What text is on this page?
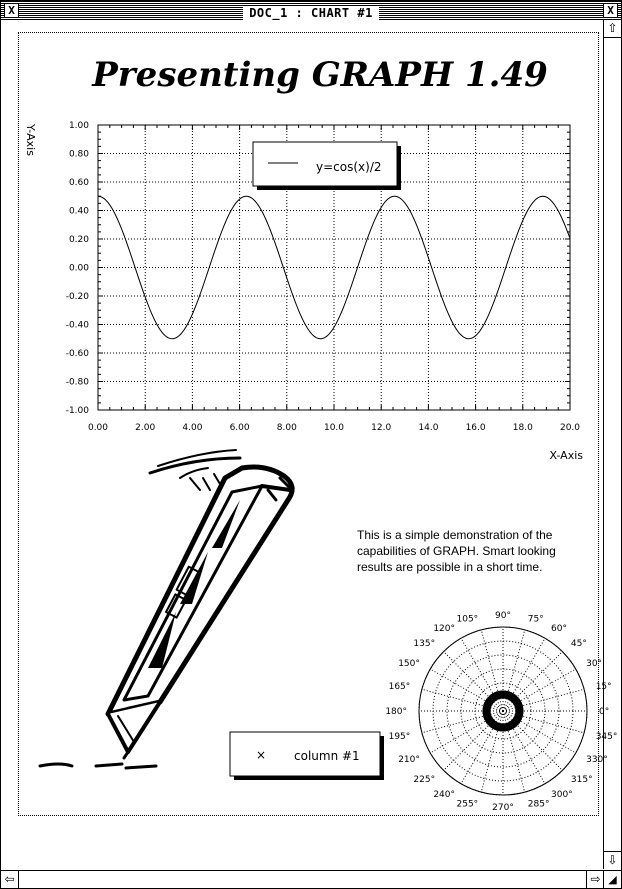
X	DOC_1 : CHART #1	X
⇧
⇩
⇦	⇨ ◢
Presenting GRAPH 1.49
0.00	2.00	4.00	6.00	8.00	10.0	12.0	14.0	16.0	18.0	20.0
1.00
0.80
0.60
0.40
0.20
0.00
-0.20
-0.40
-0.60
-0.80
-1.00
X-Axis
Y-Axis
y=cos(x)/2
× column #1
0°
15°
30°
45°
60°
75°
90°
105°
120°
135°
150°
165°
180°
195°
210°
225°
240°
255° 270° 285°
300°
315°
330°
345°
This is a simple demonstration of the capabilities of GRAPH. Smart looking results are possible in a short time.
